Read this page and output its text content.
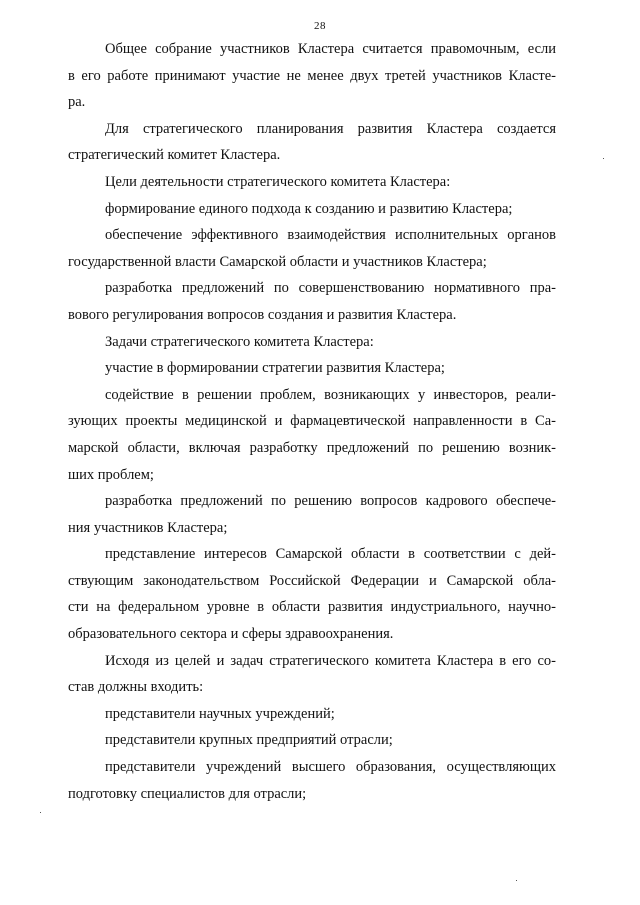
28
Общее собрание участников Кластера считается правомочным, если
в его работе принимают участие не менее двух третей участников Класте-
ра.
Для стратегического планирования развития Кластера создается
стратегический комитет Кластера.
Цели деятельности стратегического комитета Кластера:
формирование единого подхода к созданию и развитию Кластера;
обеспечение эффективного взаимодействия исполнительных органов
государственной власти Самарской области и участников Кластера;
разработка предложений по совершенствованию нормативного пра-
вового регулирования вопросов создания и развития Кластера.
Задачи стратегического комитета Кластера:
участие в формировании стратегии развития Кластера;
содействие в решении проблем, возникающих у инвесторов, реали-
зующих проекты медицинской и фармацевтической направленности в Са-
марской области, включая разработку предложений по решению возник-
ших проблем;
разработка предложений по решению вопросов кадрового обеспече-
ния участников Кластера;
представление интересов Самарской области в соответствии с дей-
ствующим законодательством Российской Федерации и Самарской обла-
сти на федеральном уровне в области развития индустриального, научно-
образовательного сектора и сферы здравоохранения.
Исходя из целей и задач стратегического комитета Кластера в его со-
став должны входить:
представители научных учреждений;
представители крупных предприятий отрасли;
представители учреждений высшего образования, осуществляющих
подготовку специалистов для отрасли;
